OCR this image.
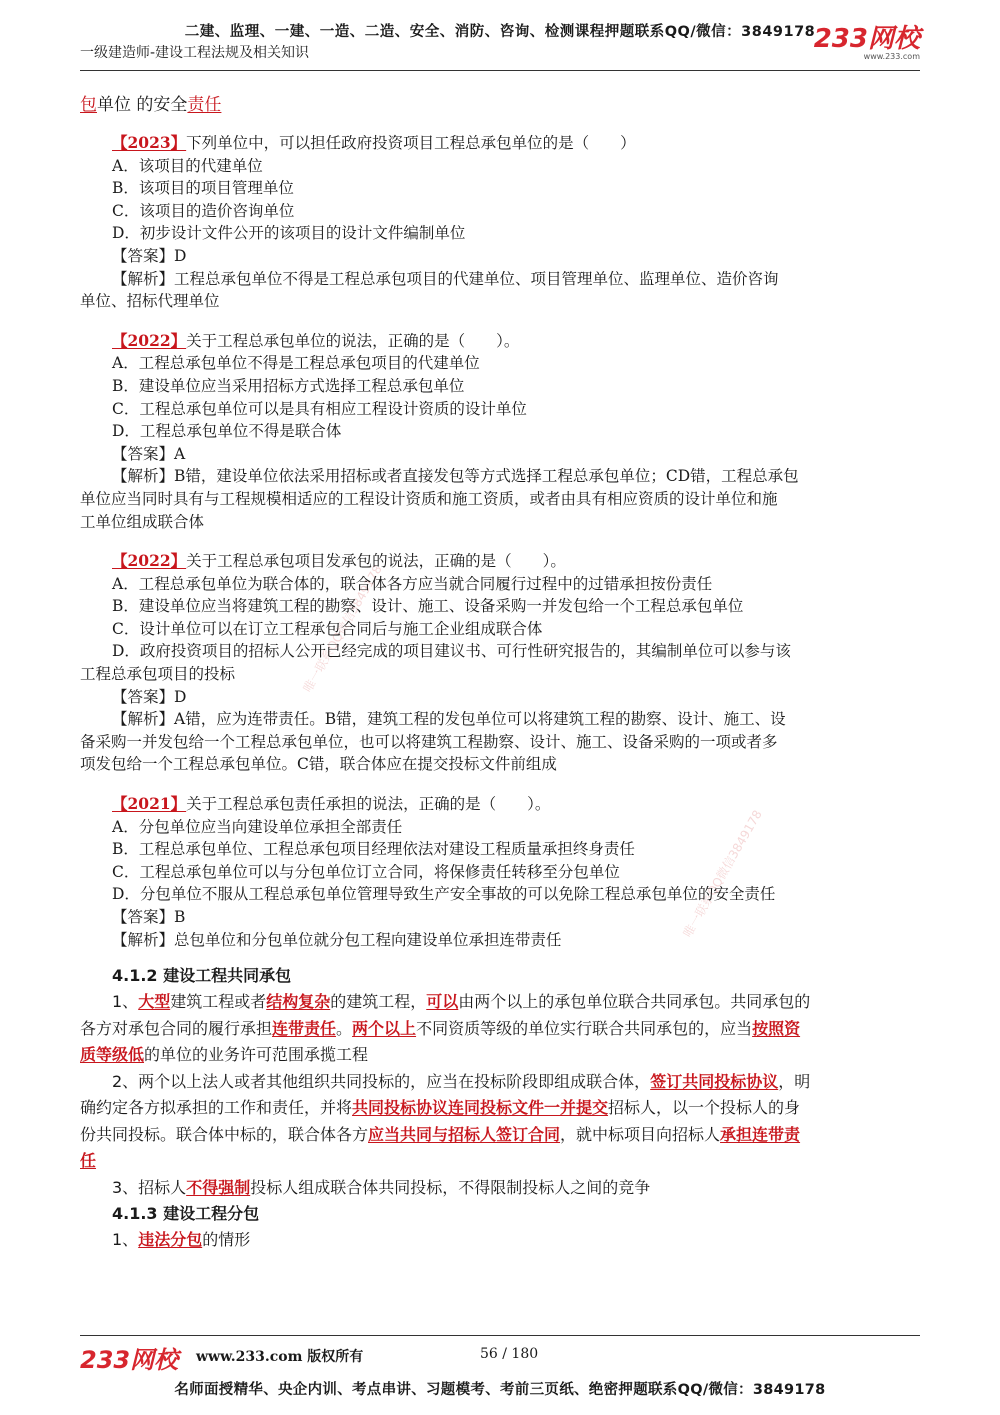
二建、监理、一建、一造、二造、安全、消防、咨询、检测课程押题联系QQ/微信：3849178
一级建造师-建设工程法规及相关知识	233网校
www.233.com
唯一联系QQ微信3849178
唯一联系QQ微信3849178
包单位 的安全责任
【2023】下列单位中，可以担任政府投资项目工程总承包单位的是（　　）
A．该项目的代建单位
B．该项目的项目管理单位
C．该项目的造价咨询单位
D．初步设计文件公开的该项目的设计文件编制单位
【答案】D
【解析】工程总承包单位不得是工程总承包项目的代建单位、项目管理单位、监理单位、造价咨询
单位、招标代理单位
【2022】关于工程总承包单位的说法，正确的是（　　）。
A．工程总承包单位不得是工程总承包项目的代建单位
B．建设单位应当采用招标方式选择工程总承包单位
C．工程总承包单位可以是具有相应工程设计资质的设计单位
D．工程总承包单位不得是联合体
【答案】A
【解析】B错，建设单位依法采用招标或者直接发包等方式选择工程总承包单位；CD错，工程总承包
单位应当同时具有与工程规模相适应的工程设计资质和施工资质，或者由具有相应资质的设计单位和施
工单位组成联合体
【2022】关于工程总承包项目发承包的说法，正确的是（　　）。
A．工程总承包单位为联合体的，联合体各方应当就合同履行过程中的过错承担按份责任
B．建设单位应当将建筑工程的勘察、设计、施工、设备采购一并发包给一个工程总承包单位
C．设计单位可以在订立工程承包合同后与施工企业组成联合体
D．政府投资项目的招标人公开已经完成的项目建议书、可行性研究报告的，其编制单位可以参与该
工程总承包项目的投标
【答案】D
【解析】A错，应为连带责任。B错，建筑工程的发包单位可以将建筑工程的勘察、设计、施工、设
备采购一并发包给一个工程总承包单位，也可以将建筑工程勘察、设计、施工、设备采购的一项或者多
项发包给一个工程总承包单位。C错，联合体应在提交投标文件前组成
【2021】关于工程总承包责任承担的说法，正确的是（　　）。
A．分包单位应当向建设单位承担全部责任
B．工程总承包单位、工程总承包项目经理依法对建设工程质量承担终身责任
C．工程总承包单位可以与分包单位订立合同，将保修责任转移至分包单位
D．分包单位不服从工程总承包单位管理导致生产安全事故的可以免除工程总承包单位的安全责任
【答案】B
【解析】总包单位和分包单位就分包工程向建设单位承担连带责任
4.1.2 建设工程共同承包
1、大型建筑工程或者结构复杂的建筑工程，可以由两个以上的承包单位联合共同承包。共同承包的
各方对承包合同的履行承担连带责任。两个以上不同资质等级的单位实行联合共同承包的，应当按照资
质等级低的单位的业务许可范围承揽工程
2、两个以上法人或者其他组织共同投标的，应当在投标阶段即组成联合体，签订共同投标协议，明
确约定各方拟承担的工作和责任，并将共同投标协议连同投标文件一并提交招标人，以一个投标人的身
份共同投标。联合体中标的，联合体各方应当共同与招标人签订合同，就中标项目向招标人承担连带责
任
3、招标人不得强制投标人组成联合体共同投标，不得限制投标人之间的竞争
4.1.3 建设工程分包
1、违法分包的情形
233网校 www.233.com 版权所有	56 / 180
名师面授精华、央企内训、考点串讲、习题模考、考前三页纸、绝密押题联系QQ/微信：3849178
